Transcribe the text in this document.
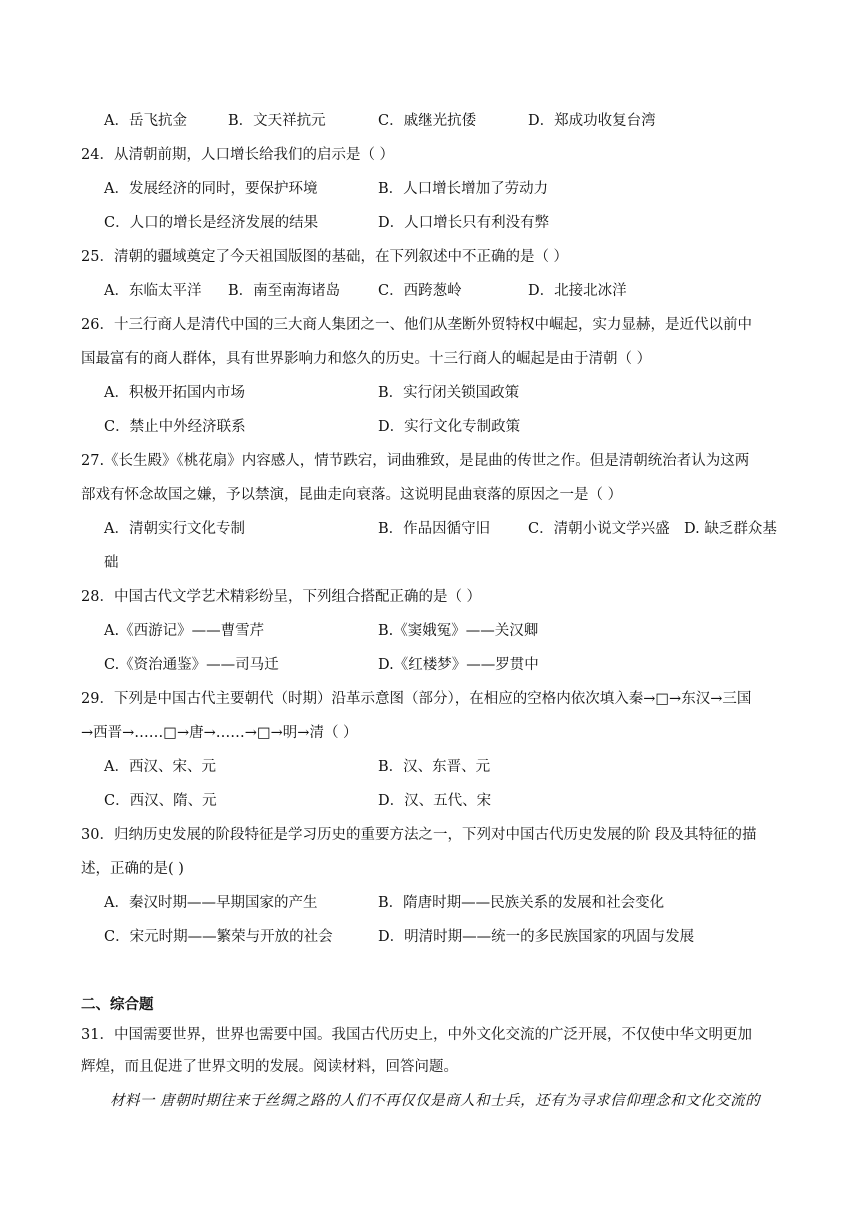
A．岳飞抗金	B．文天祥抗元	C．戚继光抗倭	D．郑成功收复台湾
24．从清朝前期，人口增长给我们的启示是（ ）
A．发展经济的同时，要保护环境	B．人口增长增加了劳动力
C．人口的增长是经济发展的结果	D．人口增长只有利没有弊
25．清朝的疆域奠定了今天祖国版图的基础，在下列叙述中不正确的是（ ）
A．东临太平洋 B．南至南海诸岛	C．西跨葱岭	D．北接北冰洋
26．十三行商人是清代中国的三大商人集团之一、他们从垄断外贸特权中崛起，实力显赫，是近代以前中
国最富有的商人群体，具有世界影响力和悠久的历史。十三行商人的崛起是由于清朝（ ）
A．积极开拓国内市场	B．实行闭关锁国政策
C．禁止中外经济联系	D．实行文化专制政策
27.《长生殿》《桃花扇》内容感人，情节跌宕，词曲雅致，是昆曲的传世之作。但是清朝统治者认为这两
部戏有怀念故国之嫌，予以禁演，昆曲走向衰落。这说明昆曲衰落的原因之一是（ ）
A．清朝实行文化专制	B．作品因循守旧	C．清朝小说文学兴盛 D. 缺乏群众基
础
28．中国古代文学艺术精彩纷呈，下列组合搭配正确的是（ ）
A.《西游记》——曹雪芹	B.《窦娥冤》——关汉卿
C.《资治通鉴》——司马迁	D.《红楼梦》——罗贯中
29．下列是中国古代主要朝代（时期）沿革示意图（部分），在相应的空格内依次填入秦→□→东汉→三国
→西晋→……□→唐→……→□→明→清（ ）
A．西汉、宋、元	B．汉、东晋、元
C．西汉、隋、元	D．汉、五代、宋
30．归纳历史发展的阶段特征是学习历史的重要方法之一，下列对中国古代历史发展的阶 段及其特征的描
述，正确的是( )
A．秦汉时期——早期国家的产生	B．隋唐时期——民族关系的发展和社会变化
C．宋元时期——繁荣与开放的社会	D．明清时期——统一的多民族国家的巩固与发展
二、综合题
31．中国需要世界，世界也需要中国。我国古代历史上，中外文化交流的广泛开展，不仅使中华文明更加
辉煌，而且促进了世界文明的发展。阅读材料，回答问题。
材料一 唐朝时期往来于丝绸之路的人们不再仅仅是商人和士兵，还有为寻求信仰理念和文化交流的
